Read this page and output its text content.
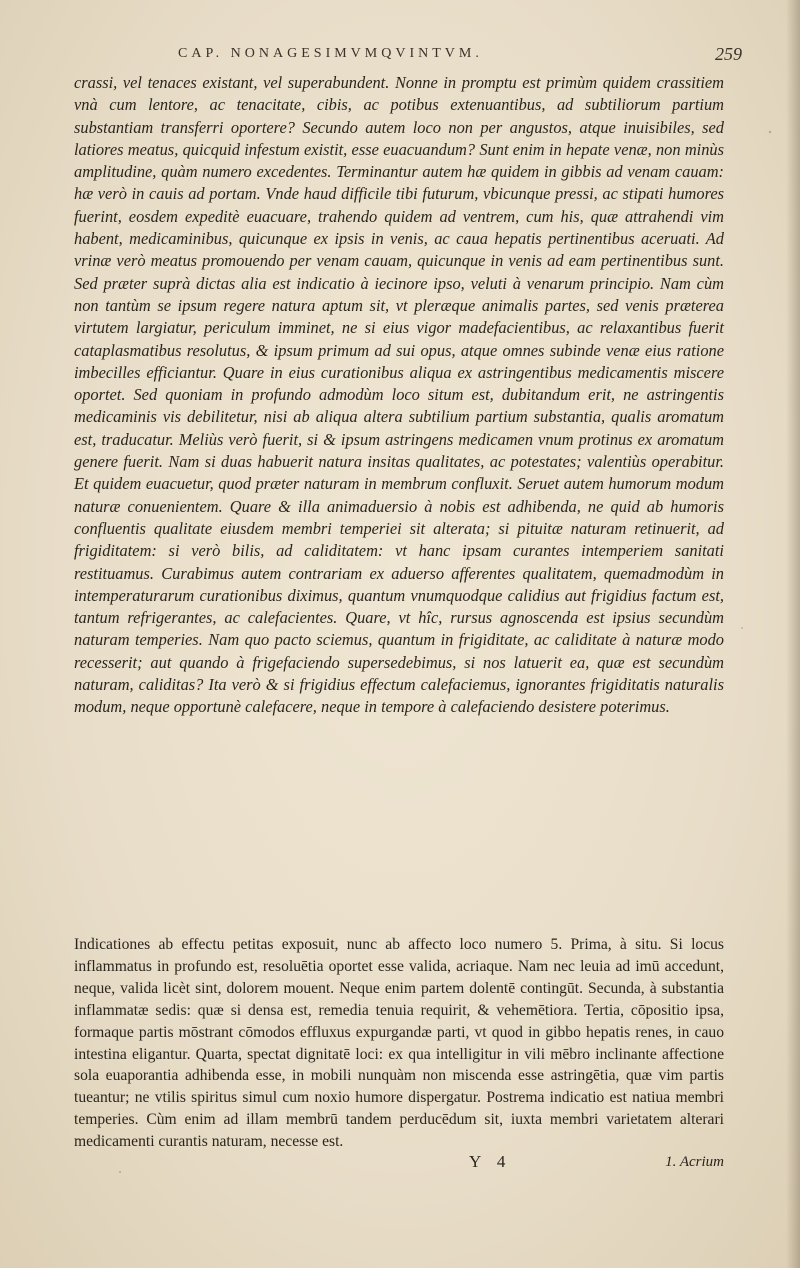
CAP. NONAGESIMVMQVINTVM.	259

crassi, vel tenaces existant, vel superabundent. Nonne in promptu est primùm quidem crassitiem vnà cum lentore, ac tenacitate, cibis, ac potibus extenuantibus, ad subtiliorum partium substantiam transferri oportere? Secundo autem loco non per angustos, atque inuisibiles, sed latiores meatus, quicquid infestum existit, esse euacuandum? Sunt enim in hepate venæ, non minùs amplitudine, quàm numero excedentes. Terminantur autem hæ quidem in gibbis ad venam cauam: hæ verò in cauis ad portam. Vnde haud difficile tibi futurum, vbicunque pressi, ac stipati humores fuerint, eosdem expeditè euacuare, trahendo quidem ad ventrem, cum his, quæ attrahendi vim habent, medicaminibus, quicunque ex ipsis in venis, ac caua hepatis pertinentibus aceruati. Ad vrinæ verò meatus promouendo per venam cauam, quicunque in venis ad eam pertinentibus sunt. Sed præter suprà dictas alia est indicatio à iecinore ipso, veluti à venarum principio. Nam cùm non tantùm se ipsum regere natura aptum sit, vt pleræque animalis partes, sed venis præterea virtutem largiatur, periculum imminet, ne si eius vigor madefacientibus, ac relaxantibus fuerit cataplasmatibus resolutus, & ipsum primum ad sui opus, atque omnes subinde venæ eius ratione imbecilles efficiantur. Quare in eius curationibus aliqua ex astringentibus medicamentis miscere oportet. Sed quoniam in profundo admodùm loco situm est, dubitandum erit, ne astringentis medicaminis vis debilitetur, nisi ab aliqua altera subtilium partium substantia, qualis aromatum est, traducatur. Meliùs verò fuerit, si & ipsum astringens medicamen vnum protinus ex aromatum genere fuerit. Nam si duas habuerit natura insitas qualitates, ac potestates; valentiùs operabitur. Et quidem euacuetur, quod præter naturam in membrum confluxit. Seruet autem humorum modum naturæ conuenientem. Quare & illa animaduersio à nobis est adhibenda, ne quid ab humoris confluentis qualitate eiusdem membri temperiei sit alterata; si pituitæ naturam retinuerit, ad frigiditatem: si verò bilis, ad caliditatem: vt hanc ipsam curantes intemperiem sanitati restituamus. Curabimus autem contrariam ex aduerso afferentes qualitatem, quemadmodùm in intemperaturarum curationibus diximus, quantum vnumquodque calidius aut frigidius factum est, tantum refrigerantes, ac calefacientes. Quare, vt hîc, rursus agnoscenda est ipsius secundùm naturam temperies. Nam quo pacto sciemus, quantum in frigiditate, ac caliditate à naturæ modo recesserit; aut quando à frigefaciendo supersedebimus, si nos latuerit ea, quæ est secundùm naturam, caliditas? Ita verò & si frigidius effectum calefaciemus, ignorantes frigiditatis naturalis modum, neque opportunè calefacere, neque in tempore à calefaciendo desistere poterimus.

Indicationes ab effectu petitas exposuit, nunc ab affecto loco numero 5. Prima, à situ. Si locus inflammatus in profundo est, resoluētia oportet esse valida, acriaque. Nam nec leuia ad imū accedunt, neque, valida licèt sint, dolorem mouent. Neque enim partem dolentē contingūt. Secunda, à substantia inflammatæ sedis: quæ si densa est, remedia tenuia requirit, & vehemētiora. Tertia, cōpositio ipsa, formaque partis mōstrant cōmodos effluxus expurgandæ parti, vt quod in gibbo hepatis renes, in cauo intestina eligantur. Quarta, spectat dignitatē loci: ex qua intelligitur in vili mēbro inclinante affectione sola euaporantia adhibenda esse, in mobili nunquàm non miscenda esse astringētia, quæ vim partis tueantur; ne vtilis spiritus simul cum noxio humore dispergatur. Postrema indicatio est natiua membri temperies. Cùm enim ad illam membrū tandem perducēdum sit, iuxta membri varietatem alterari medicamenti curantis naturam, necesse est.

Y 4	1. Acrium
